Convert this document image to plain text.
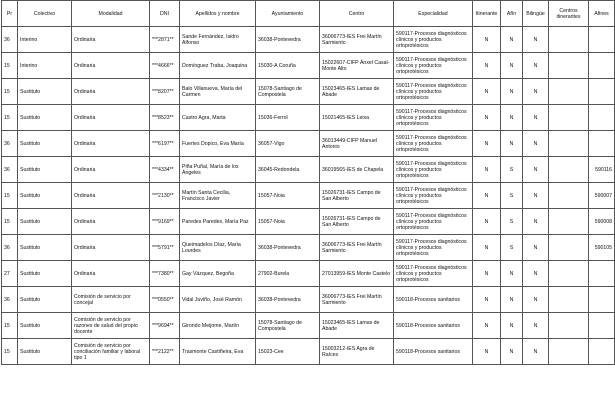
Pr	Colectivo	Modalidad	DNI	Apellidos y nombre	Ayuntamiento	Centro	Especialidad	Itinerante	Afín	Bilingüe	Centros itinerantes	Afines
36	Interino	Ordinaria	***2871**	Sande Fernández, Isidro Alfonso	36038-Pontevedra	36006773-IES Frei Martín Sarmiento	590117-Procesos diagnósticos clínicos y productos ortoprotésicos	N	N	N		
15	Interino	Ordinaria	***4666**	Domínguez Traba, Joaquina	15030-A Coruña	15022607-CIFP Ánxel Casal-Monte Alto	590117-Procesos diagnósticos clínicos y productos ortoprotésicos	N	N	N		
15	Sustituto	Ordinaria	***8207**	Balo Villanueva, María del Carmen	15078-Santiago de Compostela	15023465-IES Lamas de Abade	590117-Procesos diagnósticos clínicos y productos ortoprotésicos	N	N	N		
15	Sustituto	Ordinaria	***8523**	Castro Agra, Marta	15036-Ferrol	15021465-IES Leixa	590117-Procesos diagnósticos clínicos y productos ortoprotésicos	N	N	N		
36	Sustituto	Ordinaria	***6197**	Fuertes Dopico, Eva María	36057-Vigo	36013449-CIFP Manuel Antonio	590117-Procesos diagnósticos clínicos y productos ortoprotésicos	N	N	N		
36	Sustituto	Ordinaria	***4334**	Piña Puñal, María de los Ángeles	36045-Redondela	36019565-IES de Chapela	590117-Procesos diagnósticos clínicos y productos ortoprotésicos	N	S	N		590116
15	Sustituto	Ordinaria	***2130**	Martín Santa Cecilia, Francisco Javier	15057-Noia	15026731-IES Campo de San Alberto	590117-Procesos diagnósticos clínicos y productos ortoprotésicos	N	S	N		590007
15	Sustituto	Ordinaria	***9169**	Paredes Paredes, María Paz	15057-Noia	15026731-IES Campo de San Alberto	590117-Procesos diagnósticos clínicos y productos ortoprotésicos	N	S	N		590008
36	Sustituto	Ordinaria	***5791**	Queimadelos Díaz, María Lourdes	36038-Pontevedra	36006773-IES Frei Martín Sarmiento	590117-Procesos diagnósticos clínicos y productos ortoprotésicos	N	S	N		590105
27	Sustituto	Ordinaria	***7380**	Gay Vázquez, Begoña	27902-Burela	27013959-IES Monte Castelo	590117-Procesos diagnósticos clínicos y productos ortoprotésicos	N	N	N		
36	Sustituto	Comisión de servicio por concejal	***0550**	Vidal Juviño, José Ramón	36038-Pontevedra	36006773-IES Frei Martín Sarmiento	590118-Procesos sanitarios	N	N	N		
15	Sustituto	Comisión de servicio por razones de salud del propio docente	***9694**	Girondo Meijome, Martín	15078-Santiago de Compostela	15023465-IES Lamas de Abade	590118-Procesos sanitarios	N	N	N		
15	Sustituto	Comisión de servicio por conciliación familiar y laboral tipo 1	***2122**	Trasmonte Castiñeira, Eva	15023-Cee	15003212-IES Agra de Raíces	590118-Procesos sanitarios	N	N	N		
